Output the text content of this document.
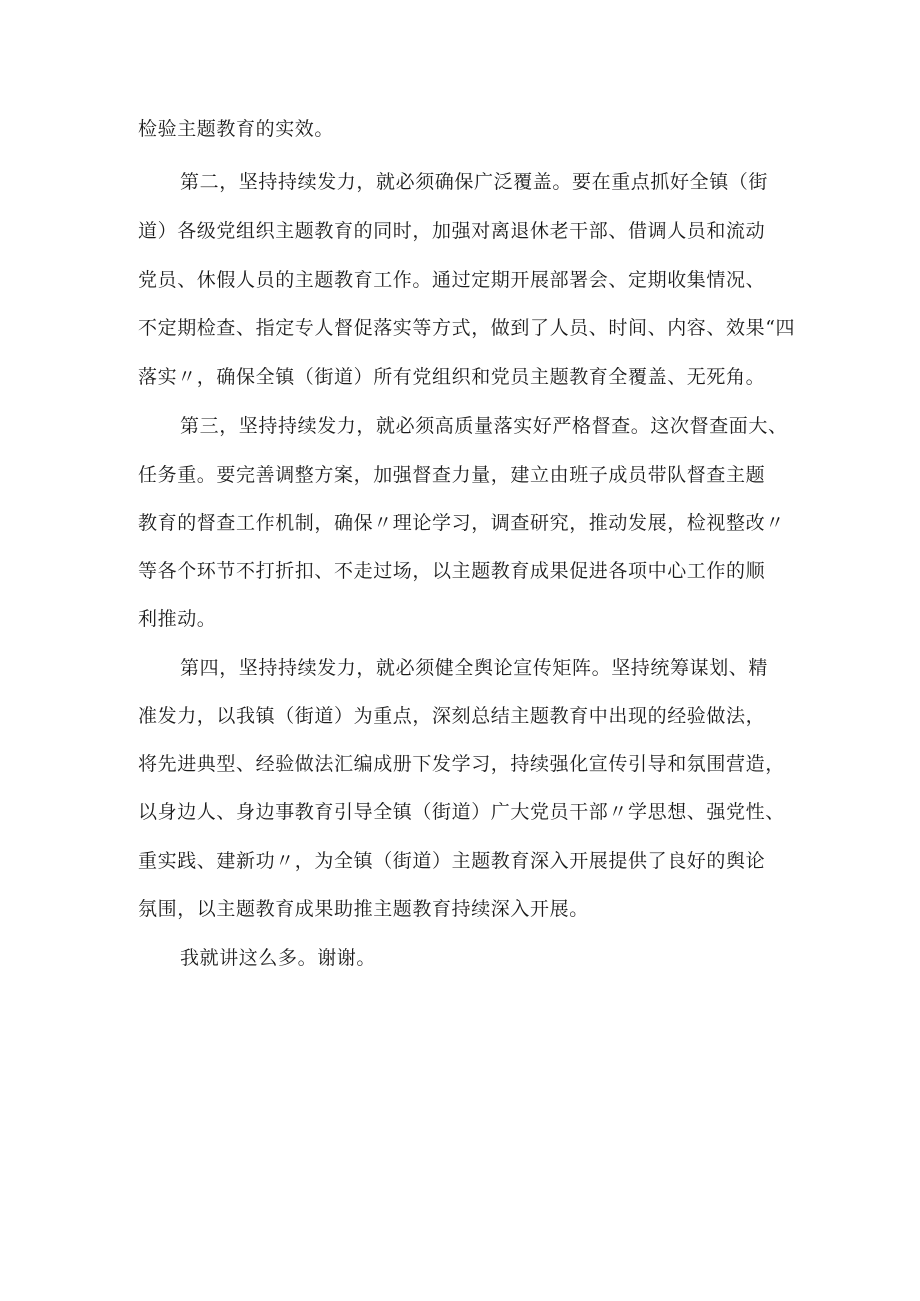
检验主题教育的实效。
第二，坚持持续发力，就必须确保广泛覆盖。要在重点抓好全镇（街
道）各级党组织主题教育的同时，加强对离退休老干部、借调人员和流动
党员、休假人员的主题教育工作。通过定期开展部署会、定期收集情况、
不定期检查、指定专人督促落实等方式，做到了人员、时间、内容、效果“四
落实〃，确保全镇（街道）所有党组织和党员主题教育全覆盖、无死角。
第三，坚持持续发力，就必须高质量落实好严格督查。这次督查面大、
任务重。要完善调整方案，加强督查力量，建立由班子成员带队督查主题
教育的督查工作机制，确保〃理论学习，调查研究，推动发展，检视整改〃
等各个环节不打折扣、不走过场，以主题教育成果促进各项中心工作的顺
利推动。
第四，坚持持续发力，就必须健全舆论宣传矩阵。坚持统筹谋划、精
准发力，以我镇（街道）为重点，深刻总结主题教育中出现的经验做法，
将先进典型、经验做法汇编成册下发学习，持续强化宣传引导和氛围营造，
以身边人、身边事教育引导全镇（街道）广大党员干部〃学思想、强党性、
重实践、建新功〃，为全镇（街道）主题教育深入开展提供了良好的舆论
氛围，以主题教育成果助推主题教育持续深入开展。
我就讲这么多。谢谢。
